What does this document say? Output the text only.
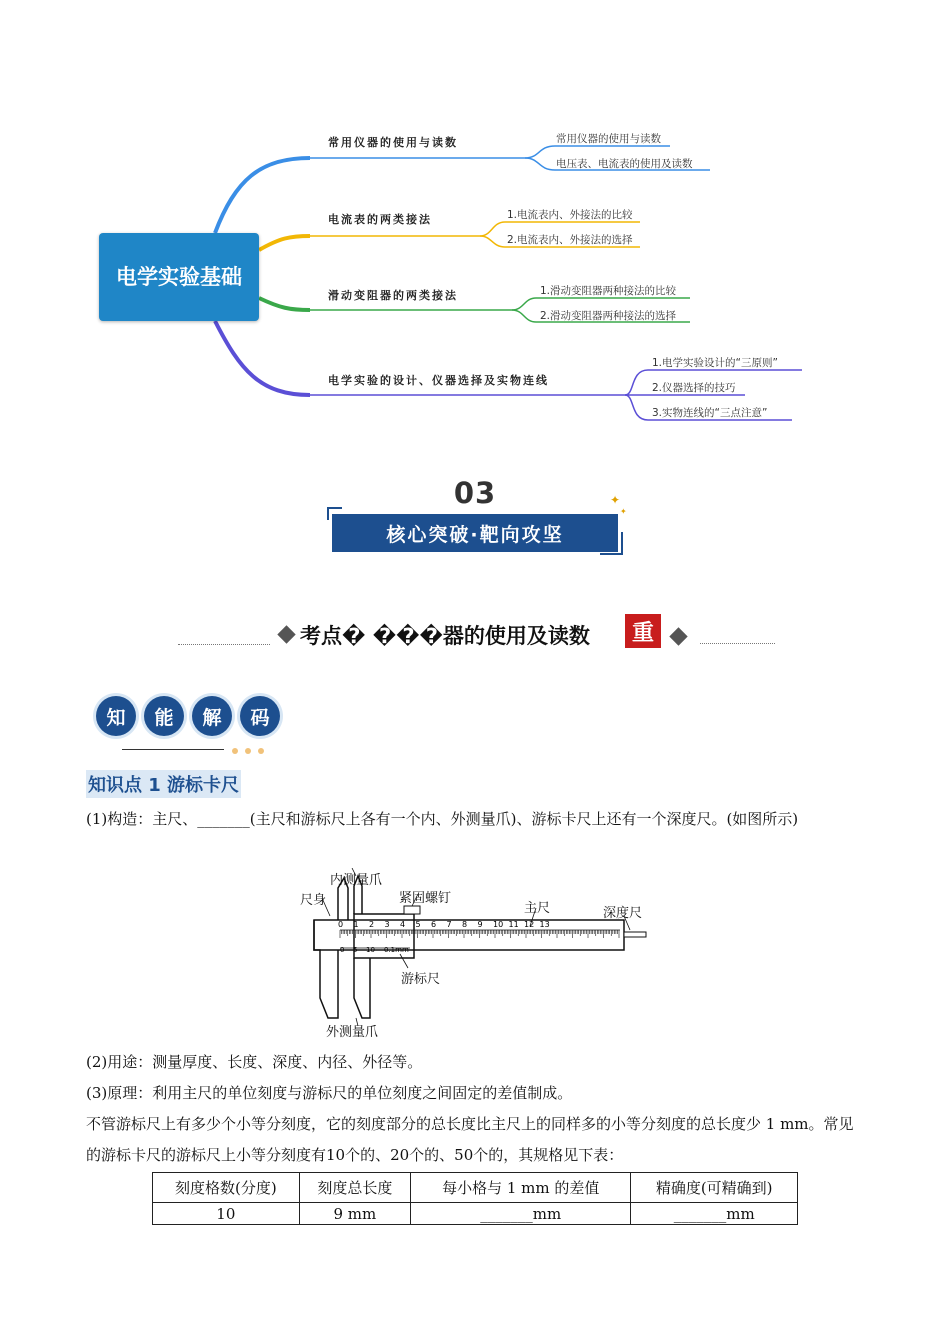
电学实验基础
常用仪器的使用与读数	常用仪器的使用与读数
电压表、电流表的使用及读数
电流表的两类接法	1.电流表内、外接法的比较
2.电流表内、外接法的选择
滑动变阻器的两类接法	1.滑动变阻器两种接法的比较
2.滑动变阻器两种接法的选择
电学实验的设计、仪器选择及实物连线
1.电学实验设计的“三原则”
2.仪器选择的技巧
3.实物连线的“三点注意”
03	✦
✦
核心突破·靶向攻坚
考点� ���器的使用及读数	重
知	能	解	码
知识点 1 游标卡尺
(1)构造：主尺、_______(主尺和游标尺上各有一个内、外测量爪)、游标卡尺上还有一个深度尺。(如图所示)
0 1 2 3 4 5 6 7 8 9 10 11 12 13
0 5 10 0.1mm
内测量爪
尺身	紧固螺钉
主尺	深度尺
游标尺
外测量爪
(2)用途：测量厚度、长度、深度、内径、外径等。
(3)原理：利用主尺的单位刻度与游标尺的单位刻度之间固定的差值制成。
不管游标尺上有多少个小等分刻度，它的刻度部分的总长度比主尺上的同样多的小等分刻度的总长度少 1 mm。常见的游标卡尺的游标尺上小等分刻度有10个的、20个的、50个的，其规格见下表：
刻度格数(分度)	刻度总长度	每小格与 1 mm 的差值	精确度(可精确到)
10	9 mm	_______mm	_______mm
